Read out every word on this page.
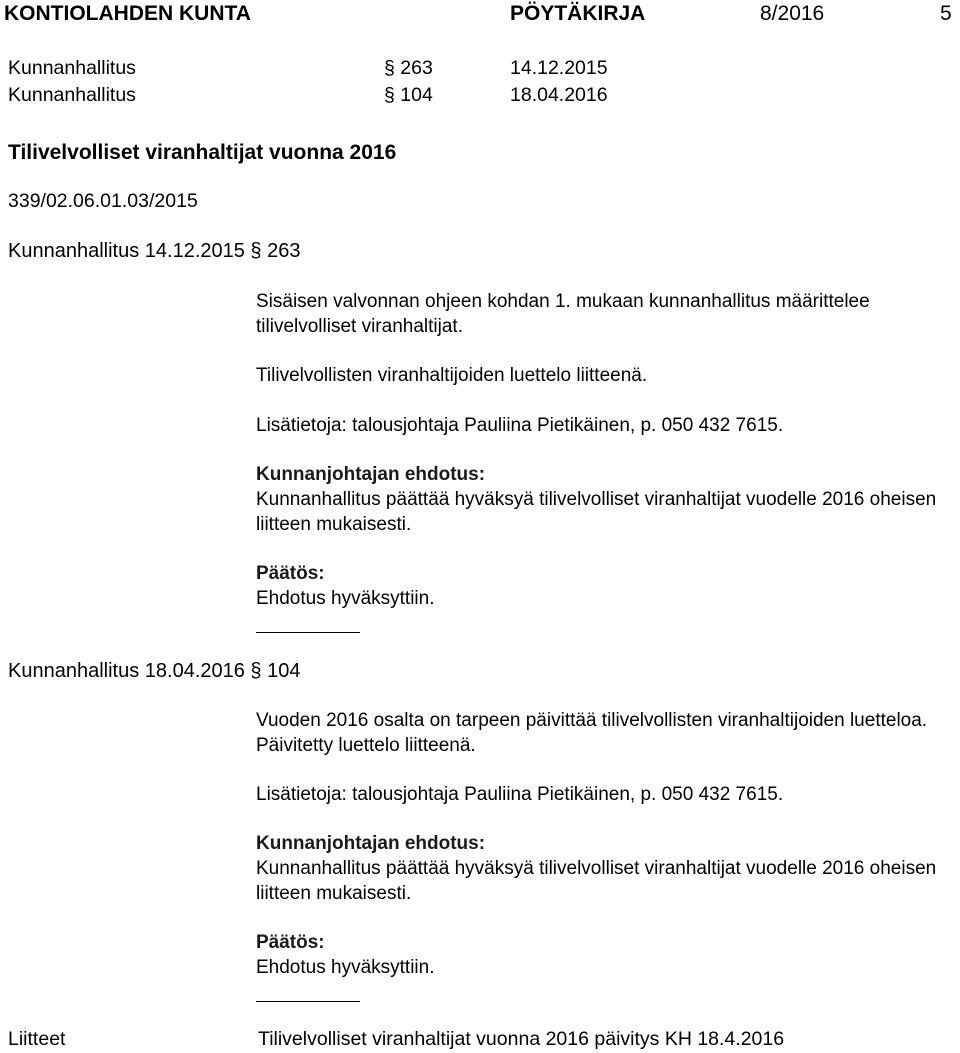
KONTIOLAHDEN KUNTA	PÖYTÄKIRJA	8/2016	5
Kunnanhallitus	§ 263	14.12.2015
Kunnanhallitus	§ 104	18.04.2016
Tilivelvolliset viranhaltijat vuonna 2016
339/02.06.01.03/2015
Kunnanhallitus 14.12.2015 § 263

Sisäisen valvonnan ohjeen kohdan 1. mukaan kunnanhallitus määrittelee tilivelvolliset viranhaltijat.

Tilivelvollisten viranhaltijoiden luettelo liitteenä.

Lisätietoja: talousjohtaja Pauliina Pietikäinen, p. 050 432 7615.

Kunnanjohtajan ehdotus:

Kunnanhallitus päättää hyväksyä tilivelvolliset viranhaltijat vuodelle 2016 oheisen liitteen mukaisesti.

Päätös:

Ehdotus hyväksyttiin.

Kunnanhallitus 18.04.2016 § 104

Vuoden 2016 osalta on tarpeen päivittää tilivelvollisten viranhaltijoiden luetteloa. Päivitetty luettelo liitteenä.

Lisätietoja: talousjohtaja Pauliina Pietikäinen, p. 050 432 7615.

Kunnanjohtajan ehdotus:

Kunnanhallitus päättää hyväksyä tilivelvolliset viranhaltijat vuodelle 2016 oheisen liitteen mukaisesti.

Päätös:

Ehdotus hyväksyttiin.

Liitteet	Tilivelvolliset viranhaltijat vuonna 2016 päivitys KH 18.4.2016
